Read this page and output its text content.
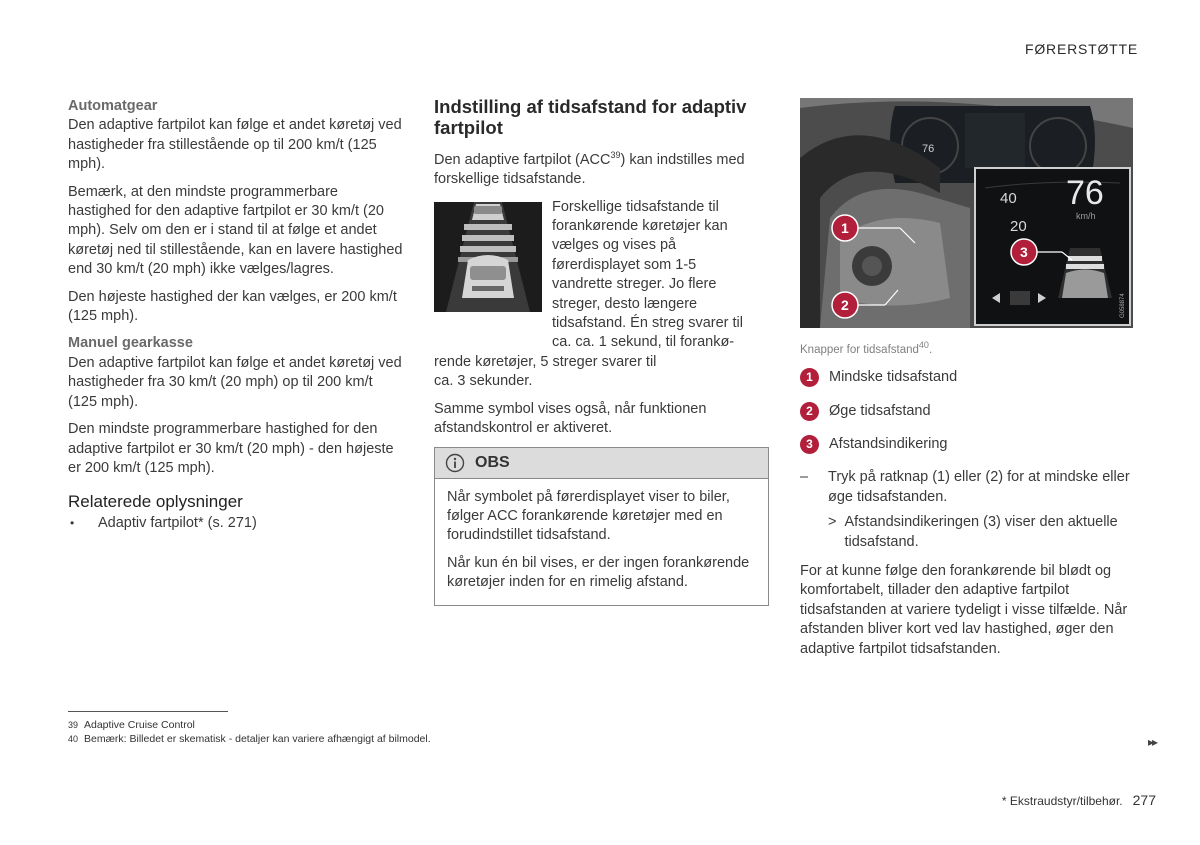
FØRERSTØTTE

Automatgear

Den adaptive fartpilot kan følge et andet køretøj ved hastigheder fra stillestående op til 200 km/t (125 mph).

Bemærk, at den mindste programmerbare hastighed for den adaptive fartpilot er 30 km/t (20 mph). Selv om den er i stand til at følge et andet køretøj ned til stillestående, kan en lavere hastighed end 30 km/t (20 mph) ikke vælges/lagres.

Den højeste hastighed der kan vælges, er 200 km/t (125 mph).

Manuel gearkasse

Den adaptive fartpilot kan følge et andet køretøj ved hastigheder fra 30 km/t (20 mph) op til 200 km/t (125 mph).

Den mindste programmerbare hastighed for den adaptive fartpilot er 30 km/t (20 mph) - den højeste er 200 km/t (125 mph).

Relaterede oplysninger
•	Adaptiv fartpilot* (s. 271)
Indstilling af tidsafstand for adaptiv fartpilot

Den adaptive fartpilot (ACC$^{39}$) kan indstilles med forskellige tidsafstande.

Forskellige tidsafstande til forankørende køretøjer kan vælges og vises på førerdisplayet som 1-5 vandrette streger. Jo flere streger, desto længere tidsafstand. Én streg svarer til ca. ca. 1 sekund, til forankø-

rende køretøjer, 5 streger svarer til ca. 3 sekunder.

Samme symbol vises også, når funktionen afstandskontrol er aktiveret.

OBS

Når symbolet på førerdisplayet viser to biler, følger ACC forankørende køretøjer med en forudindstillet tidsafstand.

Når kun én bil vises, er der ingen forankørende køretøjer inden for en rimelig afstand.

76
1
2
40
20
76
km/h
3
G058874
Knapper for tidsafstand$^{40}$.
1	Mindske tidsafstand
2	Øge tidsafstand
3	Afstandsindikering
–	Tryk på ratknap (1) eller (2) for at mindske eller øge tidsafstanden.
> Afstandsindikeringen (3) viser den aktuelle tidsafstand.

For at kunne følge den forankørende bil blødt og komfortabelt, tillader den adaptive fartpilot tidsafstanden at variere tydeligt i visse tilfælde. Når afstanden bliver kort ved lav hastighed, øger den adaptive fartpilot tidsafstanden.

39 Adaptive Cruise Control
40 Bemærk: Billedet er skematisk - detaljer kan variere afhængigt af bilmodel.	▸▸
* Ekstraudstyr/tilbehør. 277
